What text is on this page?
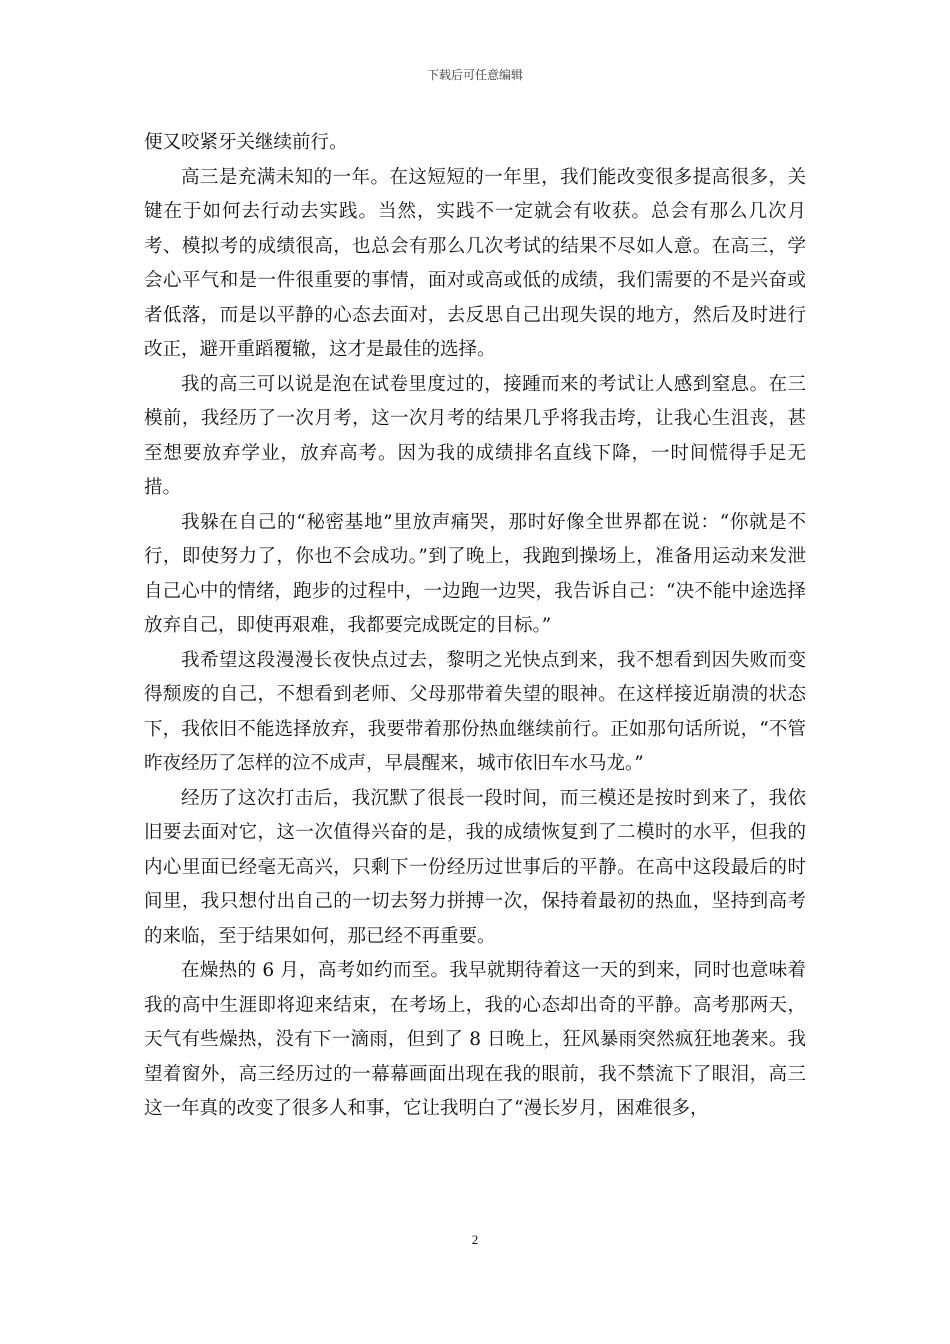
下载后可任意编辑

便又咬紧牙关继续前行。

高三是充满未知的一年。在这短短的一年里，我们能改变很多提高很多，关键在于如何去行动去实践。当然，实践不一定就会有收获。总会有那么几次月考、模拟考的成绩很高，也总会有那么几次考试的结果不尽如人意。在高三，学会心平气和是一件很重要的事情，面对或高或低的成绩，我们需要的不是兴奋或者低落，而是以平静的心态去面对，去反思自己出现失误的地方，然后及时进行改正，避开重蹈覆辙，这才是最佳的选择。

我的高三可以说是泡在试卷里度过的，接踵而来的考试让人感到窒息。在三模前，我经历了一次月考，这一次月考的结果几乎将我击垮，让我心生沮丧，甚至想要放弃学业，放弃高考。因为我的成绩排名直线下降，一时间慌得手足无措。

我躲在自己的“秘密基地”里放声痛哭，那时好像全世界都在说：“你就是不行，即使努力了，你也不会成功。”到了晚上，我跑到操场上，准备用运动来发泄自己心中的情绪，跑步的过程中，一边跑一边哭，我告诉自己：“决不能中途选择放弃自己，即使再艰难，我都要完成既定的目标。”

我希望这段漫漫长夜快点过去，黎明之光快点到来，我不想看到因失败而变得颓废的自己，不想看到老师、父母那带着失望的眼神。在这样接近崩溃的状态下，我依旧不能选择放弃，我要带着那份热血继续前行。正如那句话所说，“不管昨夜经历了怎样的泣不成声，早晨醒来，城市依旧车水马龙。”

经历了这次打击后，我沉默了很長一段时间，而三模还是按时到来了，我依旧要去面对它，这一次值得兴奋的是，我的成绩恢复到了二模时的水平，但我的内心里面已经毫无高兴，只剩下一份经历过世事后的平静。在高中这段最后的时间里，我只想付出自己的一切去努力拼搏一次，保持着最初的热血，坚持到高考的来临，至于结果如何，那已经不再重要。

在燥热的 6 月，高考如约而至。我早就期待着这一天的到来，同时也意味着我的高中生涯即将迎来结束，在考场上，我的心态却出奇的平静。高考那两天，天气有些燥热，没有下一滴雨，但到了 8 日晚上，狂风暴雨突然疯狂地袭来。我望着窗外，高三经历过的一幕幕画面出现在我的眼前，我不禁流下了眼泪，高三这一年真的改变了很多人和事，它让我明白了“漫长岁月，困难很多，

2
